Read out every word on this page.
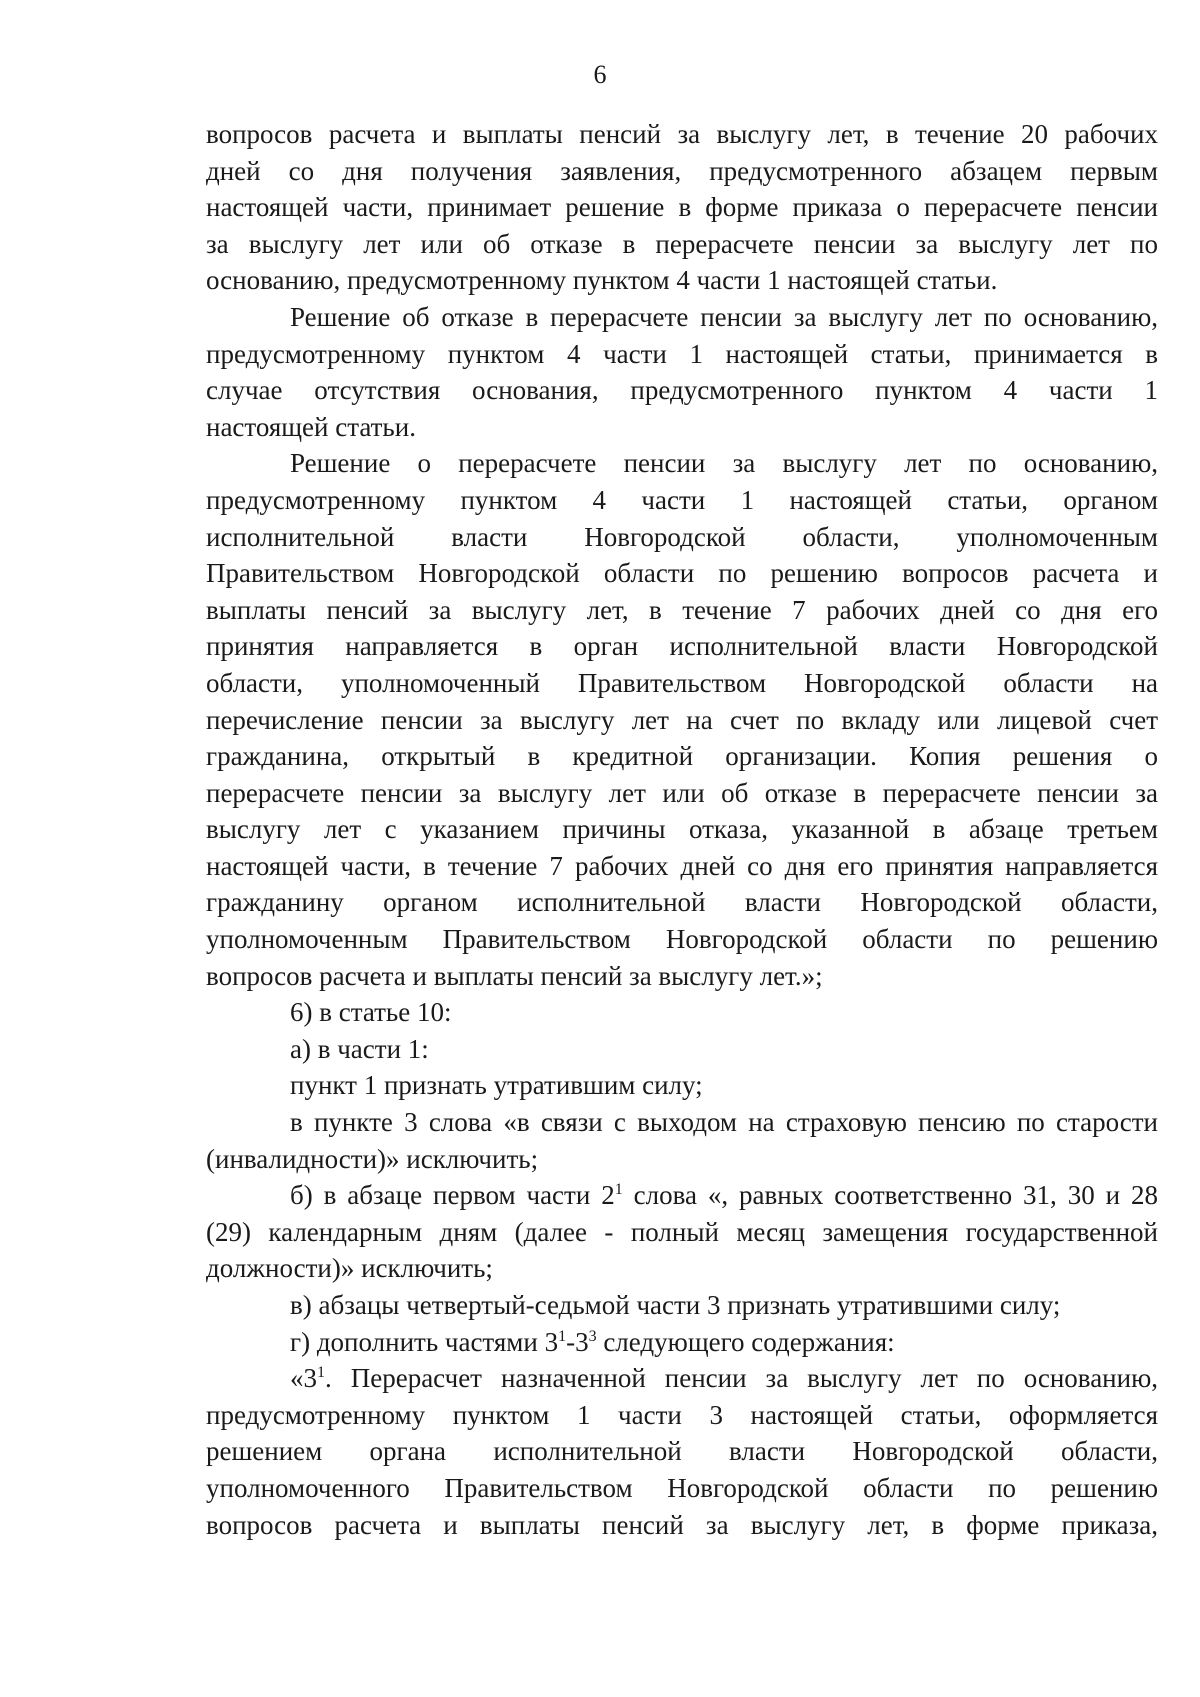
6
вопросов расчета и выплаты пенсий за выслугу лет, в течение 20 рабочих
дней со дня получения заявления, предусмотренного абзацем первым
настоящей части, принимает решение в форме приказа о перерасчете пенсии
за выслугу лет или об отказе в перерасчете пенсии за выслугу лет по
основанию, предусмотренному пунктом 4 части 1 настоящей статьи.
Решение об отказе в перерасчете пенсии за выслугу лет по основанию,
предусмотренному пунктом 4 части 1 настоящей статьи, принимается в
случае отсутствия основания, предусмотренного пунктом 4 части 1
настоящей статьи.
Решение о перерасчете пенсии за выслугу лет по основанию,
предусмотренному пунктом 4 части 1 настоящей статьи, органом
исполнительной власти Новгородской области, уполномоченным
Правительством Новгородской области по решению вопросов расчета и
выплаты пенсий за выслугу лет, в течение 7 рабочих дней со дня его
принятия направляется в орган исполнительной власти Новгородской
области, уполномоченный Правительством Новгородской области на
перечисление пенсии за выслугу лет на счет по вкладу или лицевой счет
гражданина, открытый в кредитной организации. Копия решения о
перерасчете пенсии за выслугу лет или об отказе в перерасчете пенсии за
выслугу лет с указанием причины отказа, указанной в абзаце третьем
настоящей части, в течение 7 рабочих дней со дня его принятия направляется
гражданину органом исполнительной власти Новгородской области,
уполномоченным Правительством Новгородской области по решению
вопросов расчета и выплаты пенсий за выслугу лет.»;
6) в статье 10:
а) в части 1:
пункт 1 признать утратившим силу;
в пункте 3 слова «в связи с выходом на страховую пенсию по старости
(инвалидности)» исключить;
б) в абзаце первом части $2^1$ слова «, равных соответственно 31, 30 и 28
(29) календарным дням (далее - полный месяц замещения государственной
должности)» исключить;
в) абзацы четвертый-седьмой части 3 признать утратившими силу;
г) дополнить частями $3^1-3^3$ следующего содержания:
«$3^1$. Перерасчет назначенной пенсии за выслугу лет по основанию,
предусмотренному пунктом 1 части 3 настоящей статьи, оформляется
решением органа исполнительной власти Новгородской области,
уполномоченного Правительством Новгородской области по решению
вопросов расчета и выплаты пенсий за выслугу лет, в форме приказа,
